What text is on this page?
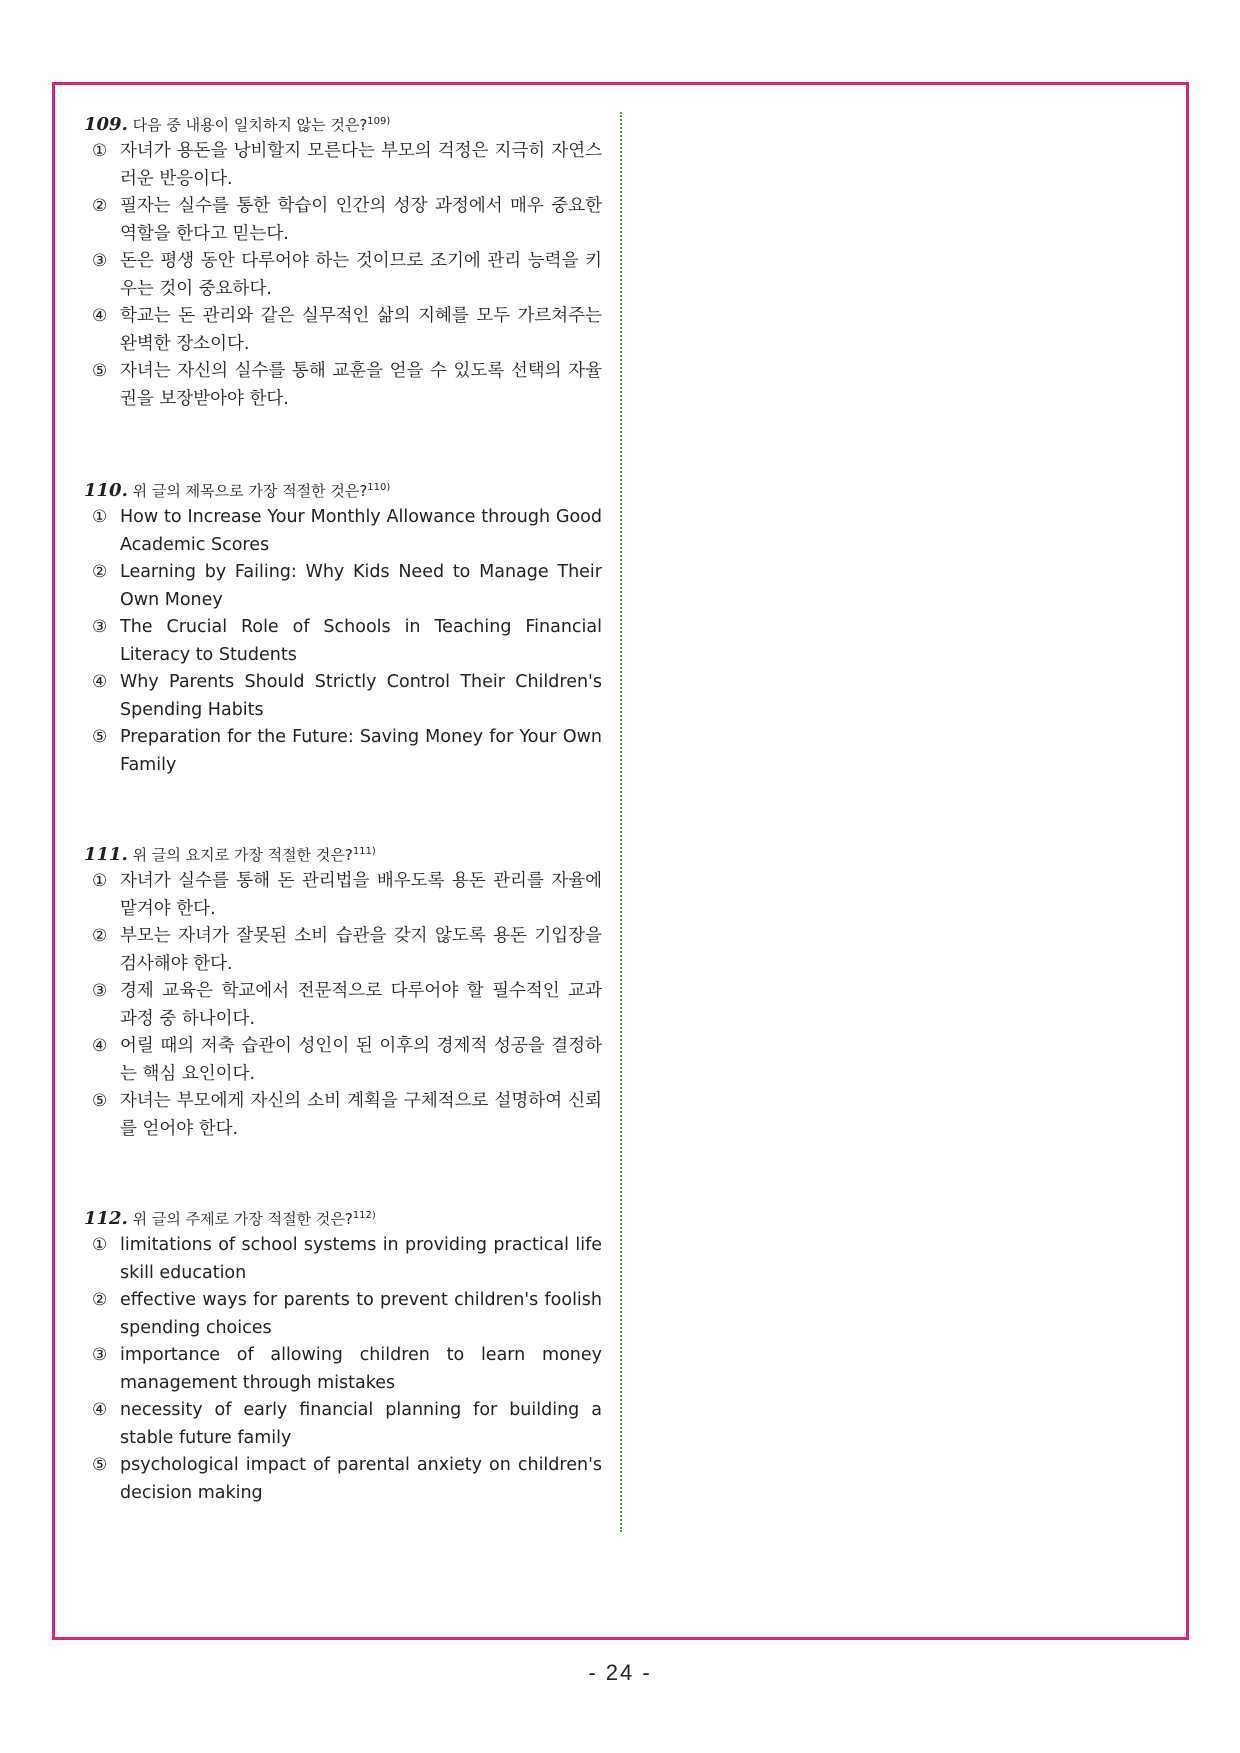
109. 다음 중 내용이 일치하지 않는 것은?$^{109)}$
① 자녀가 용돈을 낭비할지 모른다는 부모의 걱정은 지극히 자연스러운 반응이다.
② 필자는 실수를 통한 학습이 인간의 성장 과정에서 매우 중요한 역할을 한다고 믿는다.
③ 돈은 평생 동안 다루어야 하는 것이므로 조기에 관리 능력을 키우는 것이 중요하다.
④ 학교는 돈 관리와 같은 실무적인 삶의 지혜를 모두 가르쳐주는 완벽한 장소이다.
⑤ 자녀는 자신의 실수를 통해 교훈을 얻을 수 있도록 선택의 자율권을 보장받아야 한다.
110. 위 글의 제목으로 가장 적절한 것은?$^{110)}$
① How to Increase Your Monthly Allowance through Good Academic Scores
② Learning by Failing: Why Kids Need to Manage Their Own Money
③ The Crucial Role of Schools in Teaching Financial Literacy to Students
④ Why Parents Should Strictly Control Their Children's Spending Habits
⑤ Preparation for the Future: Saving Money for Your Own Family
111. 위 글의 요지로 가장 적절한 것은?$^{111)}$
① 자녀가 실수를 통해 돈 관리법을 배우도록 용돈 관리를 자율에 맡겨야 한다.
② 부모는 자녀가 잘못된 소비 습관을 갖지 않도록 용돈 기입장을 검사해야 한다.
③ 경제 교육은 학교에서 전문적으로 다루어야 할 필수적인 교과 과정 중 하나이다.
④ 어릴 때의 저축 습관이 성인이 된 이후의 경제적 성공을 결정하는 핵심 요인이다.
⑤ 자녀는 부모에게 자신의 소비 계획을 구체적으로 설명하여 신뢰를 얻어야 한다.
112. 위 글의 주제로 가장 적절한 것은?$^{112)}$
① limitations of school systems in providing practical life skill education
② effective ways for parents to prevent children's foolish spending choices
③ importance of allowing children to learn money management through mistakes
④ necessity of early financial planning for building a stable future family
⑤ psychological impact of parental anxiety on children's decision making
- 24 -
